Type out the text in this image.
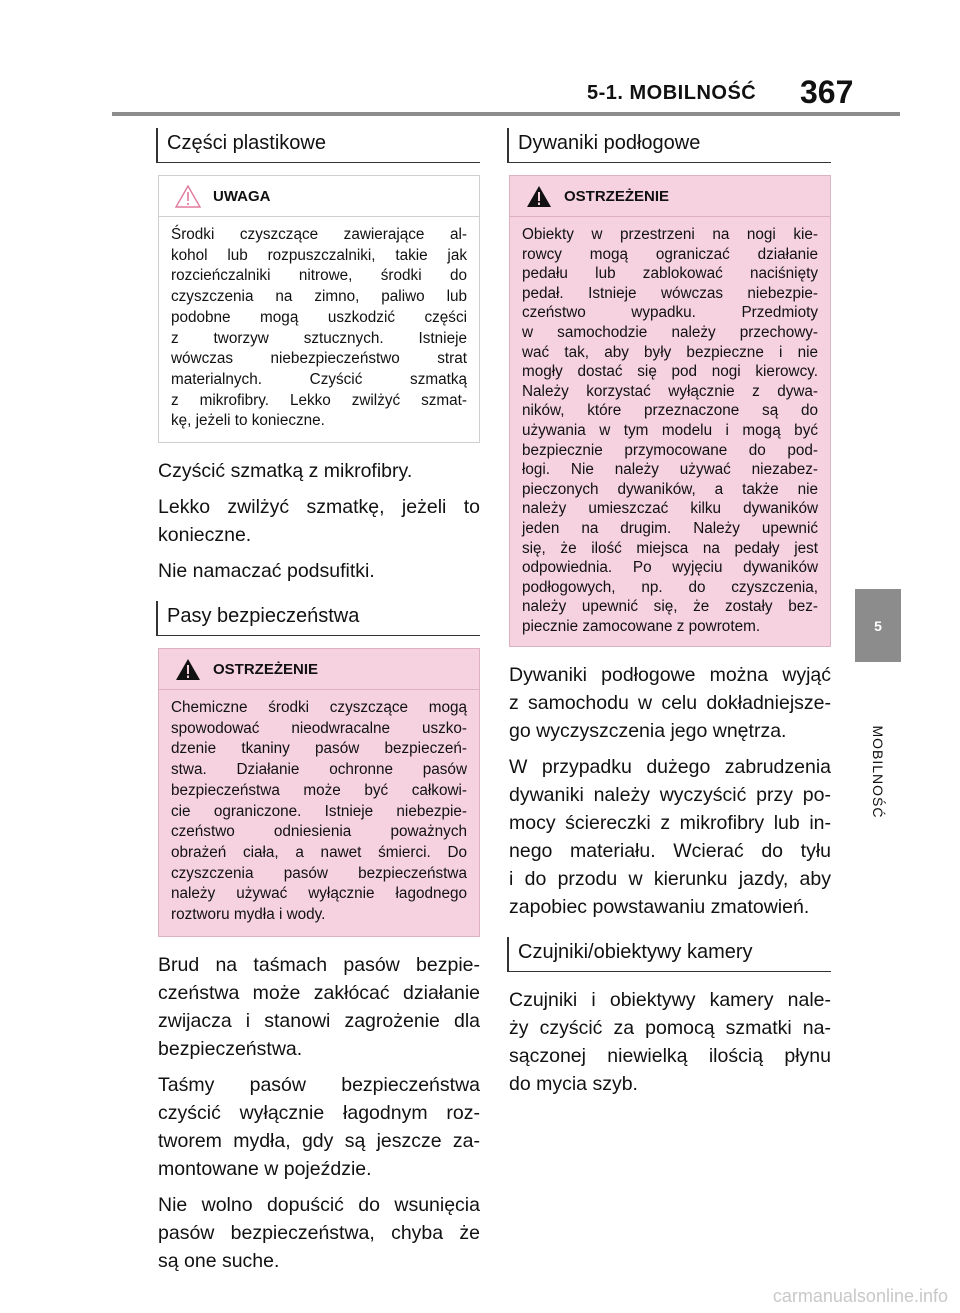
5-1. MOBILNOŚĆ 367
5
MOBILNOŚĆ
Części plastikowe
UWAGA
Środki czyszczące zawierające al-
kohol lub rozpuszczalniki, takie jak
rozcieńczalniki nitrowe, środki do
czyszczenia na zimno, paliwo lub
podobne mogą uszkodzić części
z tworzyw sztucznych. Istnieje
wówczas niebezpieczeństwo strat
materialnych. Czyścić szmatką
z mikrofibry. Lekko zwilżyć szmat-
kę, jeżeli to konieczne.
Czyścić szmatką z mikrofibry.
Lekko zwilżyć szmatkę, jeżeli to
konieczne.
Nie namaczać podsufitki.
Pasy bezpieczeństwa
OSTRZEŻENIE
Chemiczne środki czyszczące mogą
spowodować nieodwracalne uszko-
dzenie tkaniny pasów bezpieczeń-
stwa. Działanie ochronne pasów
bezpieczeństwa może być całkowi-
cie ograniczone. Istnieje niebezpie-
czeństwo odniesienia poważnych
obrażeń ciała, a nawet śmierci. Do
czyszczenia pasów bezpieczeństwa
należy używać wyłącznie łagodnego
roztworu mydła i wody.
Brud na taśmach pasów bezpie-
czeństwa może zakłócać działanie
zwijacza i stanowi zagrożenie dla
bezpieczeństwa.
Taśmy pasów bezpieczeństwa
czyścić wyłącznie łagodnym roz-
tworem mydła, gdy są jeszcze za-
montowane w pojeździe.
Nie wolno dopuścić do wsunięcia
pasów bezpieczeństwa, chyba że
są one suche.
Dywaniki podłogowe
OSTRZEŻENIE
Obiekty w przestrzeni na nogi kie-
rowcy mogą ograniczać działanie
pedału lub zablokować naciśnięty
pedał. Istnieje wówczas niebezpie-
czeństwo wypadku. Przedmioty
w samochodzie należy przechowy-
wać tak, aby były bezpieczne i nie
mogły dostać się pod nogi kierowcy.
Należy korzystać wyłącznie z dywa-
ników, które przeznaczone są do
używania w tym modelu i mogą być
bezpiecznie przymocowane do pod-
łogi. Nie należy używać niezabez-
pieczonych dywaników, a także nie
należy umieszczać kilku dywaników
jeden na drugim. Należy upewnić
się, że ilość miejsca na pedały jest
odpowiednia. Po wyjęciu dywaników
podłogowych, np. do czyszczenia,
należy upewnić się, że zostały bez-
piecznie zamocowane z powrotem.
Dywaniki podłogowe można wyjąć
z samochodu w celu dokładniejsze-
go wyczyszczenia jego wnętrza.
W przypadku dużego zabrudzenia
dywaniki należy wyczyścić przy po-
mocy ściereczki z mikrofibry lub in-
nego materiału. Wcierać do tyłu
i do przodu w kierunku jazdy, aby
zapobiec powstawaniu zmatowień.
Czujniki/obiektywy kamery
Czujniki i obiektywy kamery nale-
ży czyścić za pomocą szmatki na-
sączonej niewielką ilością płynu
do mycia szyb.
carmanualsonline.info
